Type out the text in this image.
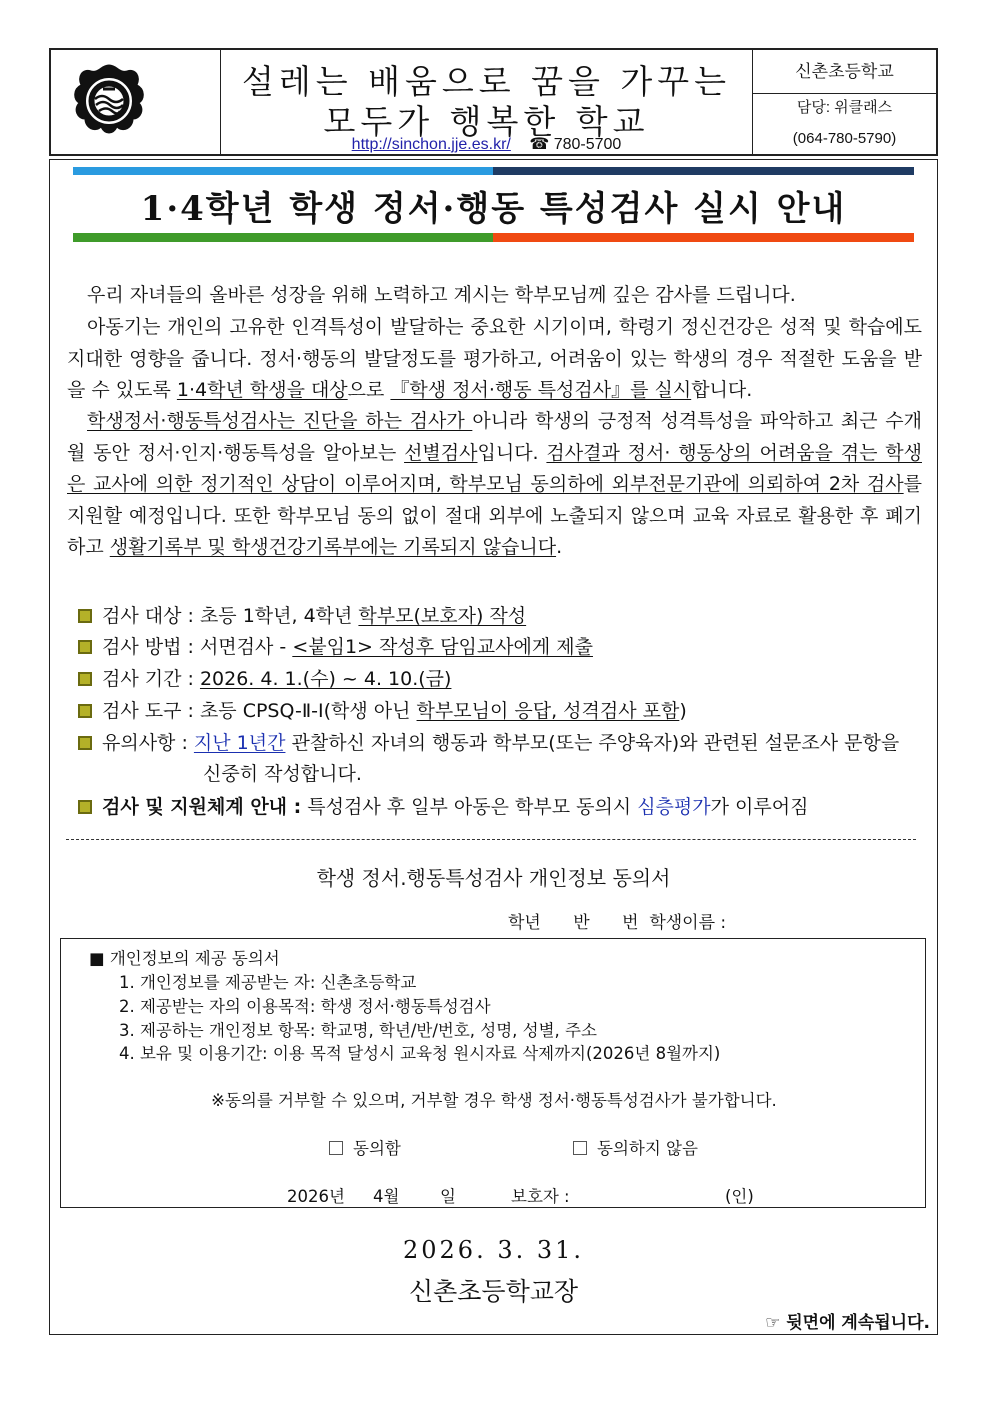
설레는 배움으로 꿈을 가꾸는
모두가 행복한 학교
http://sinchon.jje.es.kr/ ☎ 780-5700
신촌초등학교
담당: 위클래스
(064-780-5790)
1·4학년 학생 정서·행동 특성검사 실시 안내
우리 자녀들의 올바른 성장을 위해 노력하고 계시는 학부모님께 깊은 감사를 드립니다.
아동기는 개인의 고유한 인격특성이 발달하는 중요한 시기이며, 학령기 정신건강은 성적 및 학습에도 지대한 영향을 줍니다. 정서·행동의 발달정도를 평가하고, 어려움이 있는 학생의 경우 적절한 도움을 받을 수 있도록 1·4학년 학생을 대상으로 『학생 정서·행동 특성검사』를 실시합니다.
학생정서·행동특성검사는 진단을 하는 검사가 아니라 학생의 긍정적 성격특성을 파악하고 최근 수개월 동안 정서·인지·행동특성을 알아보는 선별검사입니다. 검사결과 정서· 행동상의 어려움을 겪는 학생은 교사에 의한 정기적인 상담이 이루어지며, 학부모님 동의하에 외부전문기관에 의뢰하여 2차 검사를 지원할 예정입니다. 또한 학부모님 동의 없이 절대 외부에 노출되지 않으며 교육 자료로 활용한 후 폐기하고 생활기록부 및 학생건강기록부에는 기록되지 않습니다.
검사 대상 : 초등 1학년, 4학년 학부모(보호자) 작성
검사 방법 : 서면검사 - <붙임1> 작성후 담임교사에게 제출
검사 기간 : 2026. 4. 1.(수) ~ 4. 10.(금)
검사 도구 : 초등 CPSQ-Ⅱ-Ⅰ(학생 아닌 학부모님이 응답, 성격검사 포함)
유의사항 : 지난 1년간 관찰하신 자녀의 행동과 학부모(또는 주양육자)와 관련된 설문조사 문항을
신중히 작성합니다.
검사 및 지원체계 안내 : 특성검사 후 일부 아동은 학부모 동의시 심층평가가 이루어짐
학생 정서.행동특성검사 개인정보 동의서
학년      반      번  학생이름 :
■ 개인정보의 제공 동의서
1. 개인정보를 제공받는 자: 신촌초등학교
2. 제공받는 자의 이용목적: 학생 정서·행동특성검사
3. 제공하는 개인정보 항목: 학교명, 학년/반/번호, 성명, 성별, 주소
4. 보유 및 이용기간: 이용 목적 달성시 교육청 원시자료 삭제까지(2026년 8월까지)
※동의를 거부할 수 있으며, 거부할 경우 학생 정서·행동특성검사가 불가합니다.
동의함	동의하지 않음
2026년 4월 일	보호자 :	(인)
2026. 3. 31.
신촌초등학교장
☞ 뒷면에 계속됩니다.
